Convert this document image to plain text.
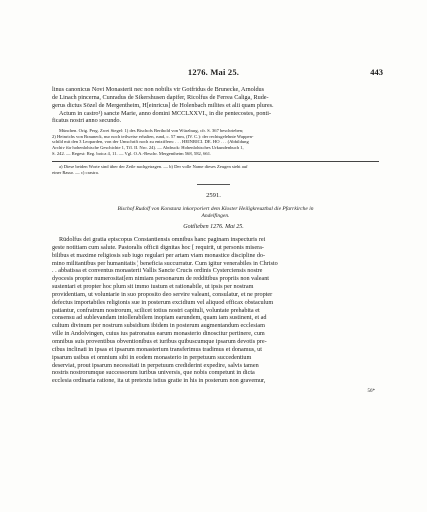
1276. Mai 25.	443
linus canonicus Novi Monasterii nec non nobilis vir Gotfridus de Brunecke, Arnoldus
de Linach pincerna, Cunradus de Sikershusen dapifer, Ricolfus de Ferrea Caliga, Rude-
gerus dictus Sōzel de Mergentheim, H[einricus] de Holenbach milites et alii quam plures.
Actum in castro¹) sancte Marie, anno domini MCCLXXVI., in die pentecostes, ponti-
ficatus nostri anno secundo.
München. Orig. Perg. Zwei Siegel: 1) des Bischofs Berthold von Würzburg, cfr. S. 367 beschrieben;
2) Heinrichs von Brauneck, nur noch teilweise erhalten, rund, c. 57 mm, (IV. C.): der rechtsgelehnte Wappen-
schild mit den 3 Leoparden, von der Umschrift noch zu entziffern: . . . HEINRICI. DE. HO . . . (Abbildung
Archiv für hohenlohische Geschichte 1, Tfl. II. Nro. 24). — Abdruck: Hohenlohisches Urkundenbuch 1,
S. 242. — Regest: Reg. boica 4, 11. — Vgl. O.A.-Beschr. Mergentheim 568, 582, 661.
a) Diese beiden Worte sind über der Zeile nachgetragen. — b) Der volle Name dieses Zeugen steht auf
einer Rasur. — c) crastra.
2591.
Bischof Rudolf von Konstanz inkorporiert dem Kloster Heiligkreuzthal die Pfarrkirche in
Andelfingen.
Gottlieben 1276. Mai 25.
Rūdolfus dei gratia episcopus Constantiensis omnibus hanc paginam inspecturis rei
geste notitiam cum salute. Pastoralis officii dignitas hoc [ requirit, ut personis misera-
bilibus et maxime religiosis sub iugo regulari per artam viam monastice discipline do-
mino militantibus per humanitatis ¦ beneficia succurratur. Cum igitur venerabiles in Christo
. . abbatissa et conventus monasterii Vallis Sancte Crucis ordinis Cysterciensis nostre
dyocesis propter numerositat[em nimiam personarum de redditibus propriis non valeant
sustentari et propter hoc plum sit immo iustum et rationabile, ut ipsis per nostram
providentiam, ut voluntarie in suo proposito deo servire valeant, consulatur, et ne propter
defectus importabiles religionis sue in posterum excidium vel aliquod efficax obstaculum
patiantur, confratrum nostrorum, scilicet totius nostri capituli, voluntate prehabita et
consensu ad sublevandam intollerabilem inopiam earundem, quam iam sustinent, et ad
cultum divinum per nostrum subsidium ibidem in posterum augmentandum ecclesiam
ville in Andolvingen, cuius ius patronatus earum monasterio dinoscitur pertinere, cum
omnibus suis proventibus obventionibus et iuribus quibuscumque ipsarum devotis pre-
cibus inclinati in ipsas et ipsarum monasterium transferimus tradimus et donamus, ut
ipsarum usibus et omnium sibi in eodem monasterio in perpetuum succedentium
deserviat, prout ipsarum necessitati in perpetuum crediderint expedire, salvis tamen
nostris nostrorumque successorum iuribus universis, que nobis competunt in dicta
ecclesia ordinaria ratione, ita ut pretextu istius gratie in his in posterum non gravemur,
56*
